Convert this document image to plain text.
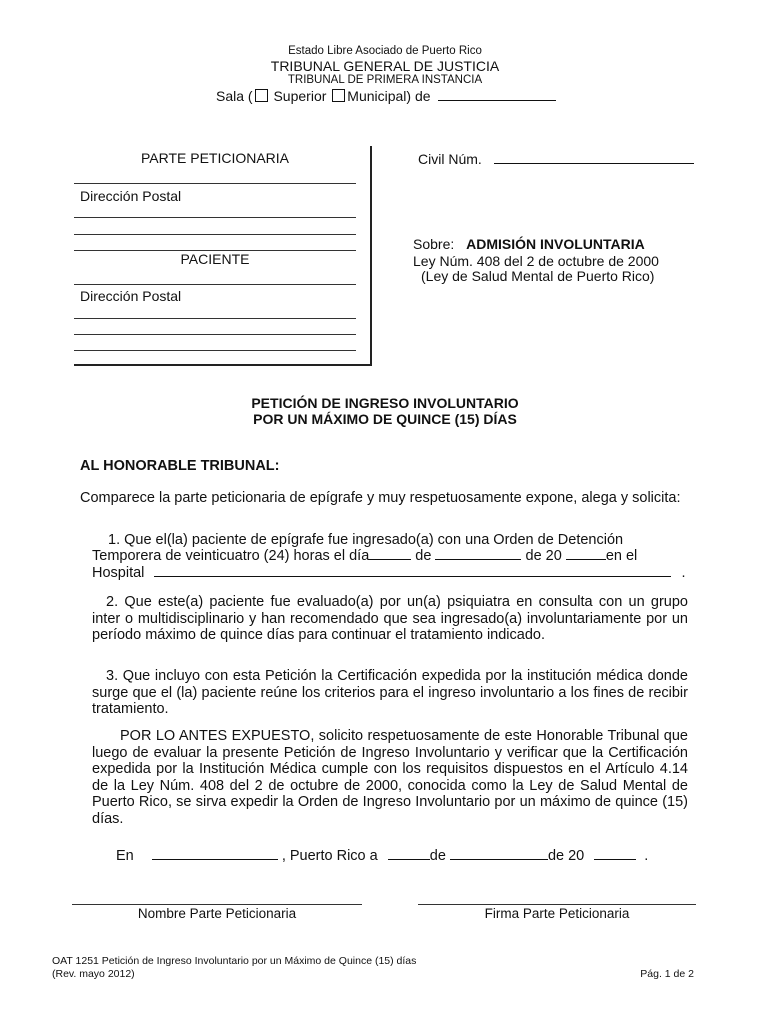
Estado Libre Asociado de Puerto Rico
TRIBUNAL GENERAL DE JUSTICIA
TRIBUNAL DE PRIMERA INSTANCIA
Sala ( Superior Municipal) de
PARTE PETICIONARIA
Dirección Postal
PACIENTE
Dirección Postal
Civil Núm.
Sobre: ADMISIÓN INVOLUNTARIA
Ley Núm. 408 del 2 de octubre de 2000
(Ley de Salud Mental de Puerto Rico)
PETICIÓN DE INGRESO INVOLUNTARIO
POR UN MÁXIMO DE QUINCE (15) DÍAS
AL HONORABLE TRIBUNAL:
Comparece la parte peticionaria de epígrafe y muy respetuosamente expone, alega y solicita:
1. Que el(la) paciente de epígrafe fue ingresado(a) con una Orden de Detención
Temporera de veinticuatro (24) horas el día	de	de 20	en el
Hospital	.
2. Que este(a) paciente fue evaluado(a) por un(a) psiquiatra en consulta con un grupo inter o multidisciplinario y han recomendado que sea ingresado(a) involuntariamente por un período máximo de quince días para continuar el tratamiento indicado.
3. Que incluyo con esta Petición la Certificación expedida por la institución médica donde surge que el (la) paciente reúne los criterios para el ingreso involuntario a los fines de recibir tratamiento.
POR LO ANTES EXPUESTO, solicito respetuosamente de este Honorable Tribunal que luego de evaluar la presente Petición de Ingreso Involuntario y verificar que la Certificación expedida por la Institución Médica cumple con los requisitos dispuestos en el Artículo 4.14 de la Ley Núm. 408 del 2 de octubre de 2000, conocida como la Ley de Salud Mental de Puerto Rico, se sirva expedir la Orden de Ingreso Involuntario por un máximo de quince (15) días.
En	, Puerto Rico a	de	de 20	.
Nombre Parte Peticionaria	Firma Parte Peticionaria
OAT 1251 Petición de Ingreso Involuntario por un Máximo de Quince (15) días
(Rev. mayo 2012)	Pág. 1 de 2
